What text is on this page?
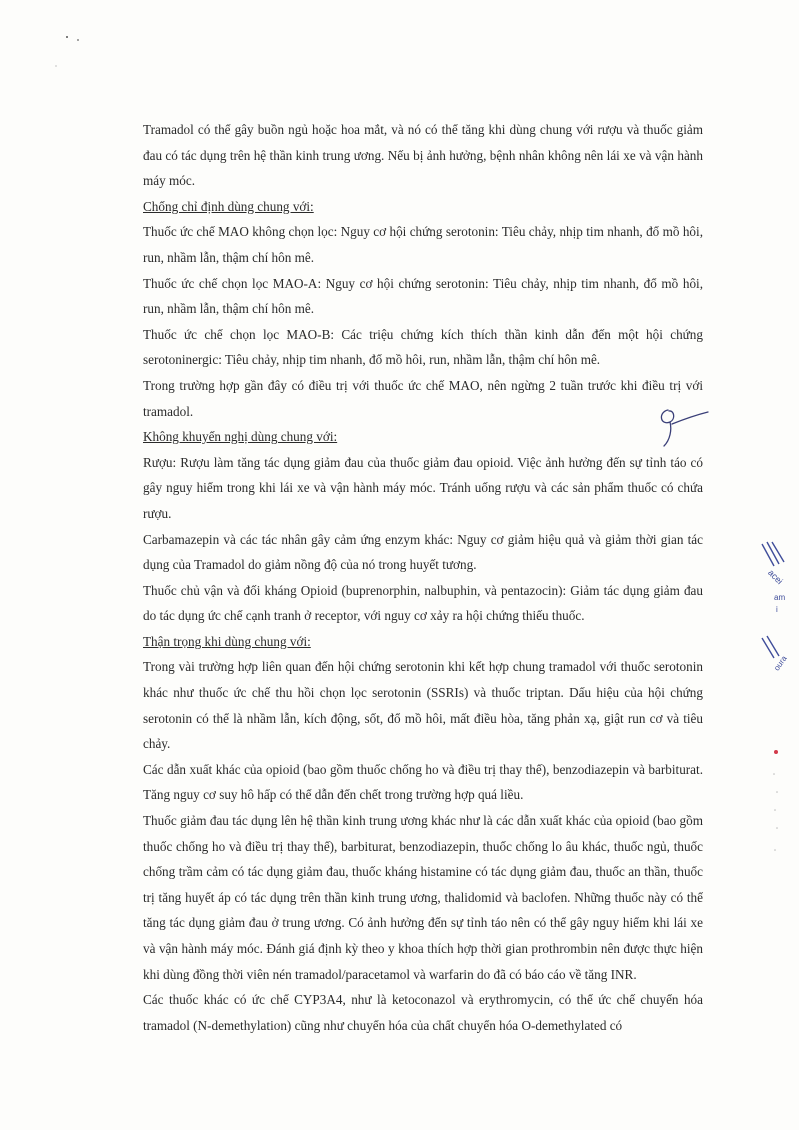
Tramadol có thể gây buồn ngủ hoặc hoa mắt, và nó có thể tăng khi dùng chung với rượu và thuốc giảm đau có tác dụng trên hệ thần kinh trung ương. Nếu bị ảnh hưởng, bệnh nhân không nên lái xe và vận hành máy móc.

Chống chỉ định dùng chung với:

Thuốc ức chế MAO không chọn lọc: Nguy cơ hội chứng serotonin: Tiêu chảy, nhịp tim nhanh, đổ mồ hôi, run, nhầm lẫn, thậm chí hôn mê.

Thuốc ức chế chọn lọc MAO-A: Nguy cơ hội chứng serotonin: Tiêu chảy, nhịp tim nhanh, đổ mồ hôi, run, nhầm lẫn, thậm chí hôn mê.

Thuốc ức chế chọn lọc MAO-B: Các triệu chứng kích thích thần kinh dẫn đến một hội chứng serotoninergic: Tiêu chảy, nhịp tim nhanh, đổ mồ hôi, run, nhầm lẫn, thậm chí hôn mê.

Trong trường hợp gần đây có điều trị với thuốc ức chế MAO, nên ngừng 2 tuần trước khi điều trị với tramadol.

Không khuyến nghị dùng chung với:

Rượu: Rượu làm tăng tác dụng giảm đau của thuốc giảm đau opioid. Việc ảnh hưởng đến sự tỉnh táo có gây nguy hiểm trong khi lái xe và vận hành máy móc. Tránh uống rượu và các sản phẩm thuốc có chứa rượu.

Carbamazepin và các tác nhân gây cảm ứng enzym khác: Nguy cơ giảm hiệu quả và giảm thời gian tác dụng của Tramadol do giảm nồng độ của nó trong huyết tương.

Thuốc chủ vận và đối kháng Opioid (buprenorphin, nalbuphin, và pentazocin): Giảm tác dụng giảm đau do tác dụng ức chế cạnh tranh ở receptor, với nguy cơ xảy ra hội chứng thiếu thuốc.

Thận trọng khi dùng chung với:

Trong vài trường hợp liên quan đến hội chứng serotonin khi kết hợp chung tramadol với thuốc serotonin khác như thuốc ức chế thu hồi chọn lọc serotonin (SSRIs) và thuốc triptan. Dấu hiệu của hội chứng serotonin có thể là nhầm lẫn, kích động, sốt, đổ mồ hôi, mất điều hòa, tăng phản xạ, giật run cơ và tiêu chảy.

Các dẫn xuất khác của opioid (bao gồm thuốc chống ho và điều trị thay thế), benzodiazepin và barbiturat. Tăng nguy cơ suy hô hấp có thể dẫn đến chết trong trường hợp quá liều.

Thuốc giảm đau tác dụng lên hệ thần kinh trung ương khác như là các dẫn xuất khác của opioid (bao gồm thuốc chống ho và điều trị thay thế), barbiturat, benzodiazepin, thuốc chống lo âu khác, thuốc ngủ, thuốc chống trầm cảm có tác dụng giảm đau, thuốc kháng histamine có tác dụng giảm đau, thuốc an thần, thuốc trị tăng huyết áp có tác dụng trên thần kinh trung ương, thalidomid và baclofen. Những thuốc này có thể tăng tác dụng giảm đau ở trung ương. Có ảnh hưởng đến sự tỉnh táo nên có thể gây nguy hiểm khi lái xe và vận hành máy móc. Đánh giá định kỳ theo y khoa thích hợp thời gian prothrombin nên được thực hiện khi dùng đồng thời viên nén tramadol/paracetamol và warfarin do đã có báo cáo về tăng INR.

Các thuốc khác có ức chế CYP3A4, như là ketoconazol và erythromycin, có thể ức chế chuyển hóa tramadol (N-demethylation) cũng như chuyển hóa của chất chuyển hóa O-demethylated có

acei
am
i
oura
